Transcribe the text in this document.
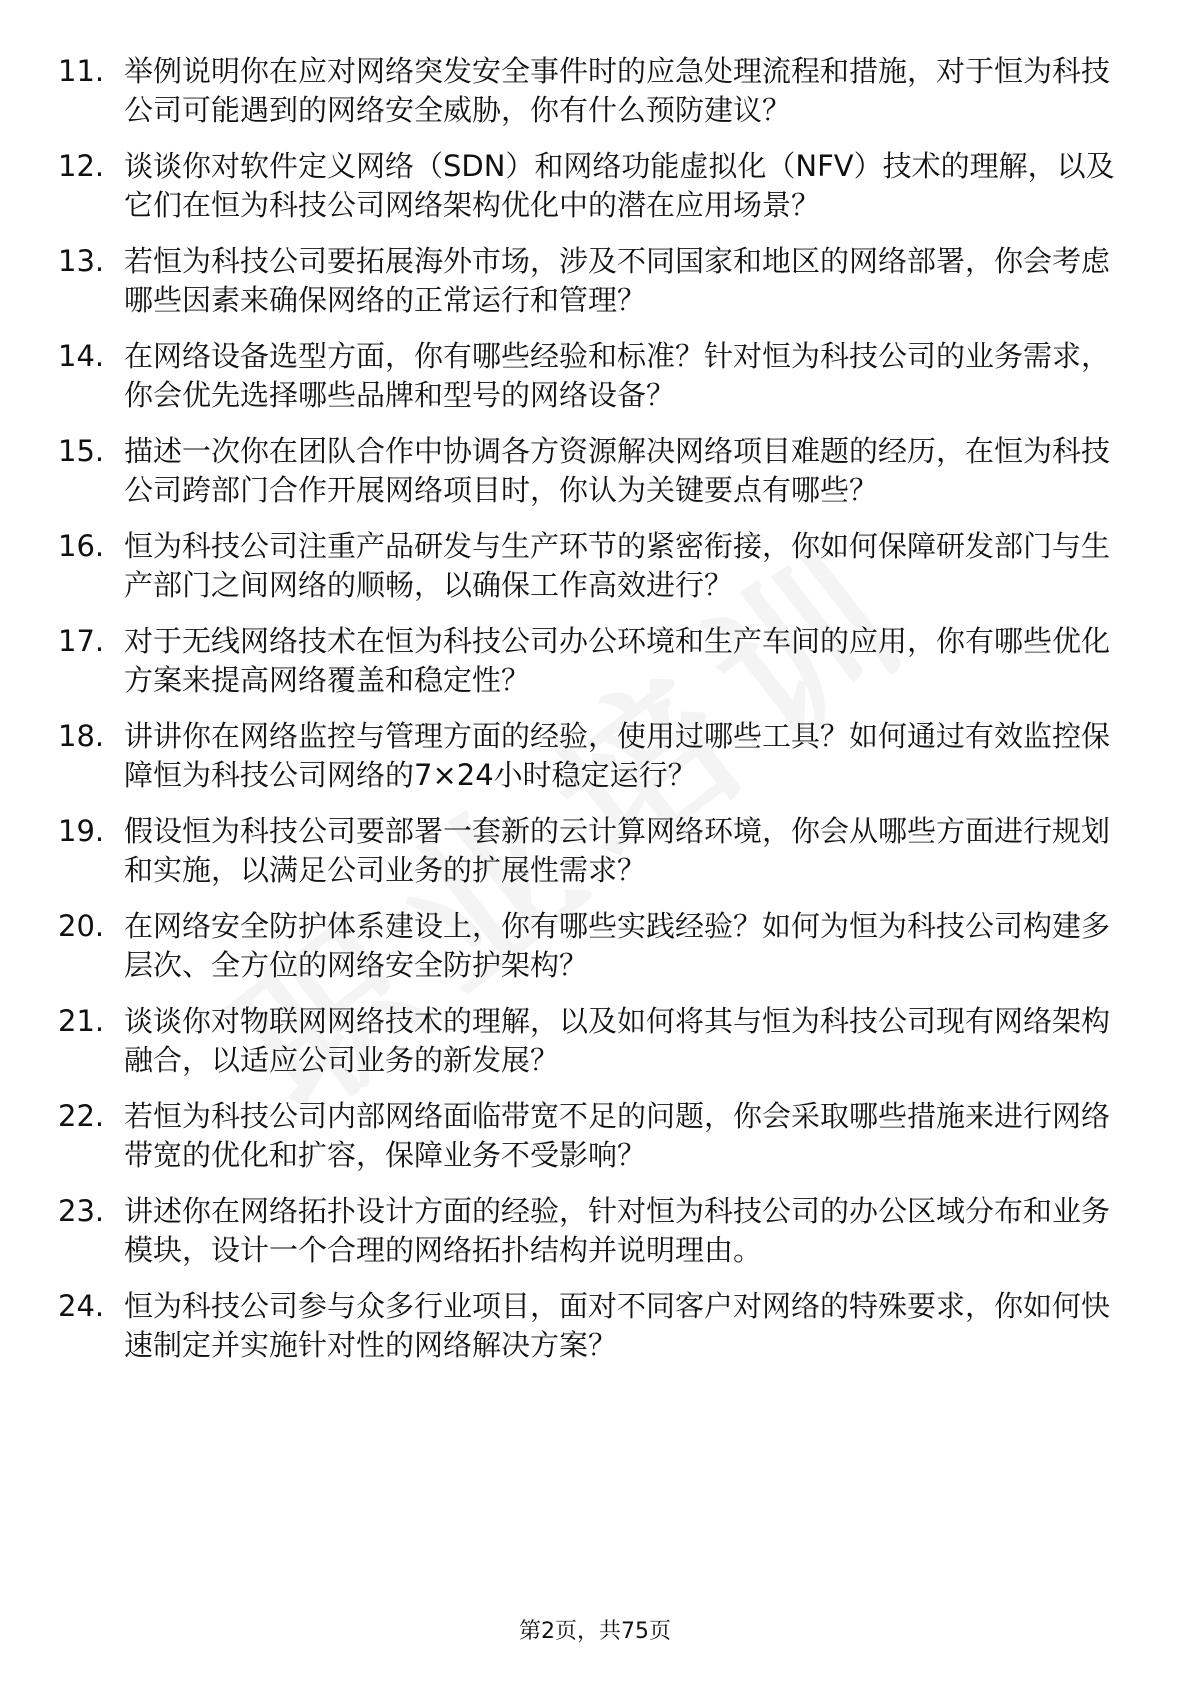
11. 举例说明你在应对网络突发安全事件时的应急处理流程和措施，对于恒为科技公司可能遇到的网络安全威胁，你有什么预防建议？
12. 谈谈你对软件定义网络（SDN）和网络功能虚拟化（NFV）技术的理解，以及它们在恒为科技公司网络架构优化中的潜在应用场景？
13. 若恒为科技公司要拓展海外市场，涉及不同国家和地区的网络部署，你会考虑哪些因素来确保网络的正常运行和管理？
14. 在网络设备选型方面，你有哪些经验和标准？针对恒为科技公司的业务需求，你会优先选择哪些品牌和型号的网络设备？
15. 描述一次你在团队合作中协调各方资源解决网络项目难题的经历，在恒为科技公司跨部门合作开展网络项目时，你认为关键要点有哪些？
16. 恒为科技公司注重产品研发与生产环节的紧密衔接，你如何保障研发部门与生产部门之间网络的顺畅，以确保工作高效进行？
17. 对于无线网络技术在恒为科技公司办公环境和生产车间的应用，你有哪些优化方案来提高网络覆盖和稳定性？
18. 讲讲你在网络监控与管理方面的经验，使用过哪些工具？如何通过有效监控保障恒为科技公司网络的7×24小时稳定运行？
19. 假设恒为科技公司要部署一套新的云计算网络环境，你会从哪些方面进行规划和实施，以满足公司业务的扩展性需求？
20. 在网络安全防护体系建设上，你有哪些实践经验？如何为恒为科技公司构建多层次、全方位的网络安全防护架构？
21. 谈谈你对物联网网络技术的理解，以及如何将其与恒为科技公司现有网络架构融合，以适应公司业务的新发展？
22. 若恒为科技公司内部网络面临带宽不足的问题，你会采取哪些措施来进行网络带宽的优化和扩容，保障业务不受影响？
23. 讲述你在网络拓扑设计方面的经验，针对恒为科技公司的办公区域分布和业务模块，设计一个合理的网络拓扑结构并说明理由。
24. 恒为科技公司参与众多行业项目，面对不同客户对网络的特殊要求，你如何快速制定并实施针对性的网络解决方案？
第2页，共75页
